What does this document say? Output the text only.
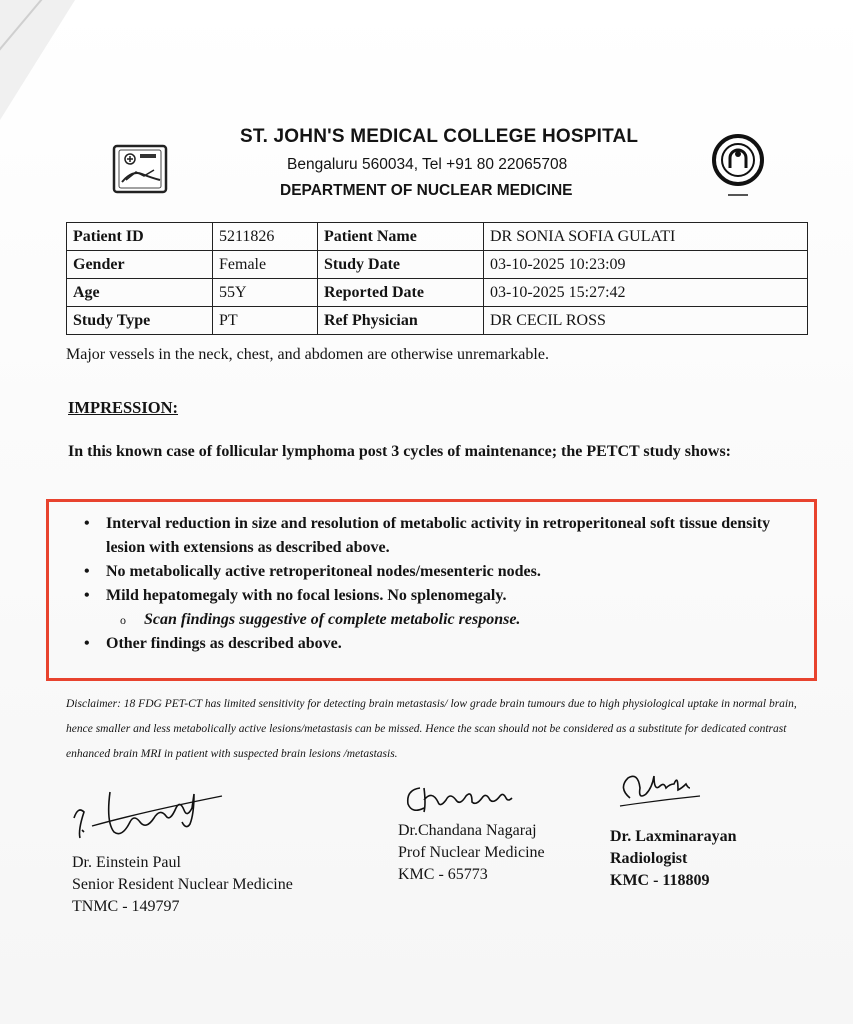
ST. JOHN'S MEDICAL COLLEGE HOSPITAL
Bengaluru 560034, Tel +91 80 22065708
DEPARTMENT OF NUCLEAR MEDICINE
Patient ID	5211826	Patient Name	DR SONIA SOFIA GULATI
Gender	Female	Study Date	03-10-2025 10:23:09
Age	55Y	Reported Date	03-10-2025 15:27:42
Study Type	PT	Ref Physician	DR CECIL ROSS
Major vessels in the neck, chest, and abdomen are otherwise unremarkable.
IMPRESSION:
In this known case of follicular lymphoma post 3 cycles of maintenance; the PETCT study shows:
• Interval reduction in size and resolution of metabolic activity in retroperitoneal soft tissue density lesion with extensions as described above.
• No metabolically active retroperitoneal nodes/mesenteric nodes.
• Mild hepatomegaly with no focal lesions. No splenomegaly.
o Scan findings suggestive of complete metabolic response.
• Other findings as described above.
Disclaimer: 18 FDG PET-CT has limited sensitivity for detecting brain metastasis/ low grade brain tumours due to high physiological uptake in normal brain, hence smaller and less metabolically active lesions/metastasis can be missed. Hence the scan should not be considered as a substitute for dedicated contrast enhanced brain MRI in patient with suspected brain lesions /metastasis.
Dr. Einstein Paul
Senior Resident Nuclear Medicine
TNMC - 149797
Dr.Chandana Nagaraj
Prof Nuclear Medicine
KMC - 65773
Dr. Laxminarayan
Radiologist
KMC - 118809
